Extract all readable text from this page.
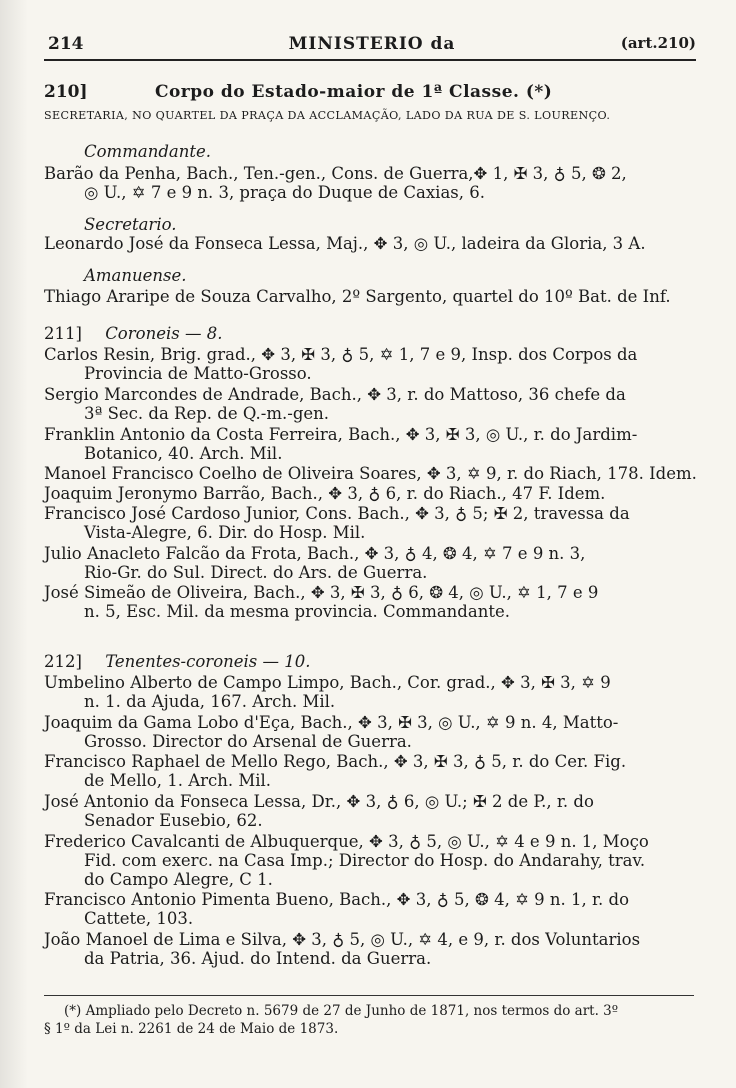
214	MINISTERIO da	(art.210)
210]	Corpo do Estado-maior de 1ª Classe. (*)
SECRETARIA, NO QUARTEL DA PRAÇA DA ACCLAMAÇÃO, LADO DA RUA DE S. LOURENÇO.
Commandante.
Barão da Penha, Bach., Ten.-gen., Cons. de Guerra,✥ 1, ✠ 3, ♁ 5, ❂ 2,
◎ U., ✡ 7 e 9 n. 3, praça do Duque de Caxias, 6.
Secretario.
Leonardo José da Fonseca Lessa, Maj., ✥ 3, ◎ U., ladeira da Gloria, 3 A.
Amanuense.
Thiago Araripe de Souza Carvalho, 2º Sargento, quartel do 10º Bat. de Inf.
211] Coroneis — 8.
Carlos Resin, Brig. grad., ✥ 3, ✠ 3, ♁ 5, ✡ 1, 7 e 9, Insp. dos Corpos da
Provincia de Matto-Grosso.
Sergio Marcondes de Andrade, Bach., ✥ 3, r. do Mattoso, 36 chefe da
3ª Sec. da Rep. de Q.-m.-gen.
Franklin Antonio da Costa Ferreira, Bach., ✥ 3, ✠ 3, ◎ U., r. do Jardim-
Botanico, 40. Arch. Mil.
Manoel Francisco Coelho de Oliveira Soares, ✥ 3, ✡ 9, r. do Riach, 178. Idem.
Joaquim Jeronymo Barrão, Bach., ✥ 3, ♁ 6, r. do Riach., 47 F. Idem.
Francisco José Cardoso Junior, Cons. Bach., ✥ 3, ♁ 5; ✠ 2, travessa da
Vista-Alegre, 6. Dir. do Hosp. Mil.
Julio Anacleto Falcão da Frota, Bach., ✥ 3, ♁ 4, ❂ 4, ✡ 7 e 9 n. 3,
Rio-Gr. do Sul. Direct. do Ars. de Guerra.
José Simeão de Oliveira, Bach., ✥ 3, ✠ 3, ♁ 6, ❂ 4, ◎ U., ✡ 1, 7 e 9
n. 5, Esc. Mil. da mesma provincia. Commandante.
212] Tenentes-coroneis — 10.
Umbelino Alberto de Campo Limpo, Bach., Cor. grad., ✥ 3, ✠ 3, ✡ 9
n. 1. da Ajuda, 167. Arch. Mil.
Joaquim da Gama Lobo d'Eça, Bach., ✥ 3, ✠ 3, ◎ U., ✡ 9 n. 4, Matto-
Grosso. Director do Arsenal de Guerra.
Francisco Raphael de Mello Rego, Bach., ✥ 3, ✠ 3, ♁ 5, r. do Cer. Fig.
de Mello, 1. Arch. Mil.
José Antonio da Fonseca Lessa, Dr., ✥ 3, ♁ 6, ◎ U.; ✠ 2 de P., r. do
Senador Eusebio, 62.
Frederico Cavalcanti de Albuquerque, ✥ 3, ♁ 5, ◎ U., ✡ 4 e 9 n. 1, Moço
Fid. com exerc. na Casa Imp.; Director do Hosp. do Andarahy, trav.
do Campo Alegre, C 1.
Francisco Antonio Pimenta Bueno, Bach., ✥ 3, ♁ 5, ❂ 4, ✡ 9 n. 1, r. do
Cattete, 103.
João Manoel de Lima e Silva, ✥ 3, ♁ 5, ◎ U., ✡ 4, e 9, r. dos Voluntarios
da Patria, 36. Ajud. do Intend. da Guerra.
(*) Ampliado pelo Decreto n. 5679 de 27 de Junho de 1871, nos termos do art. 3º
§ 1º da Lei n. 2261 de 24 de Maio de 1873.
